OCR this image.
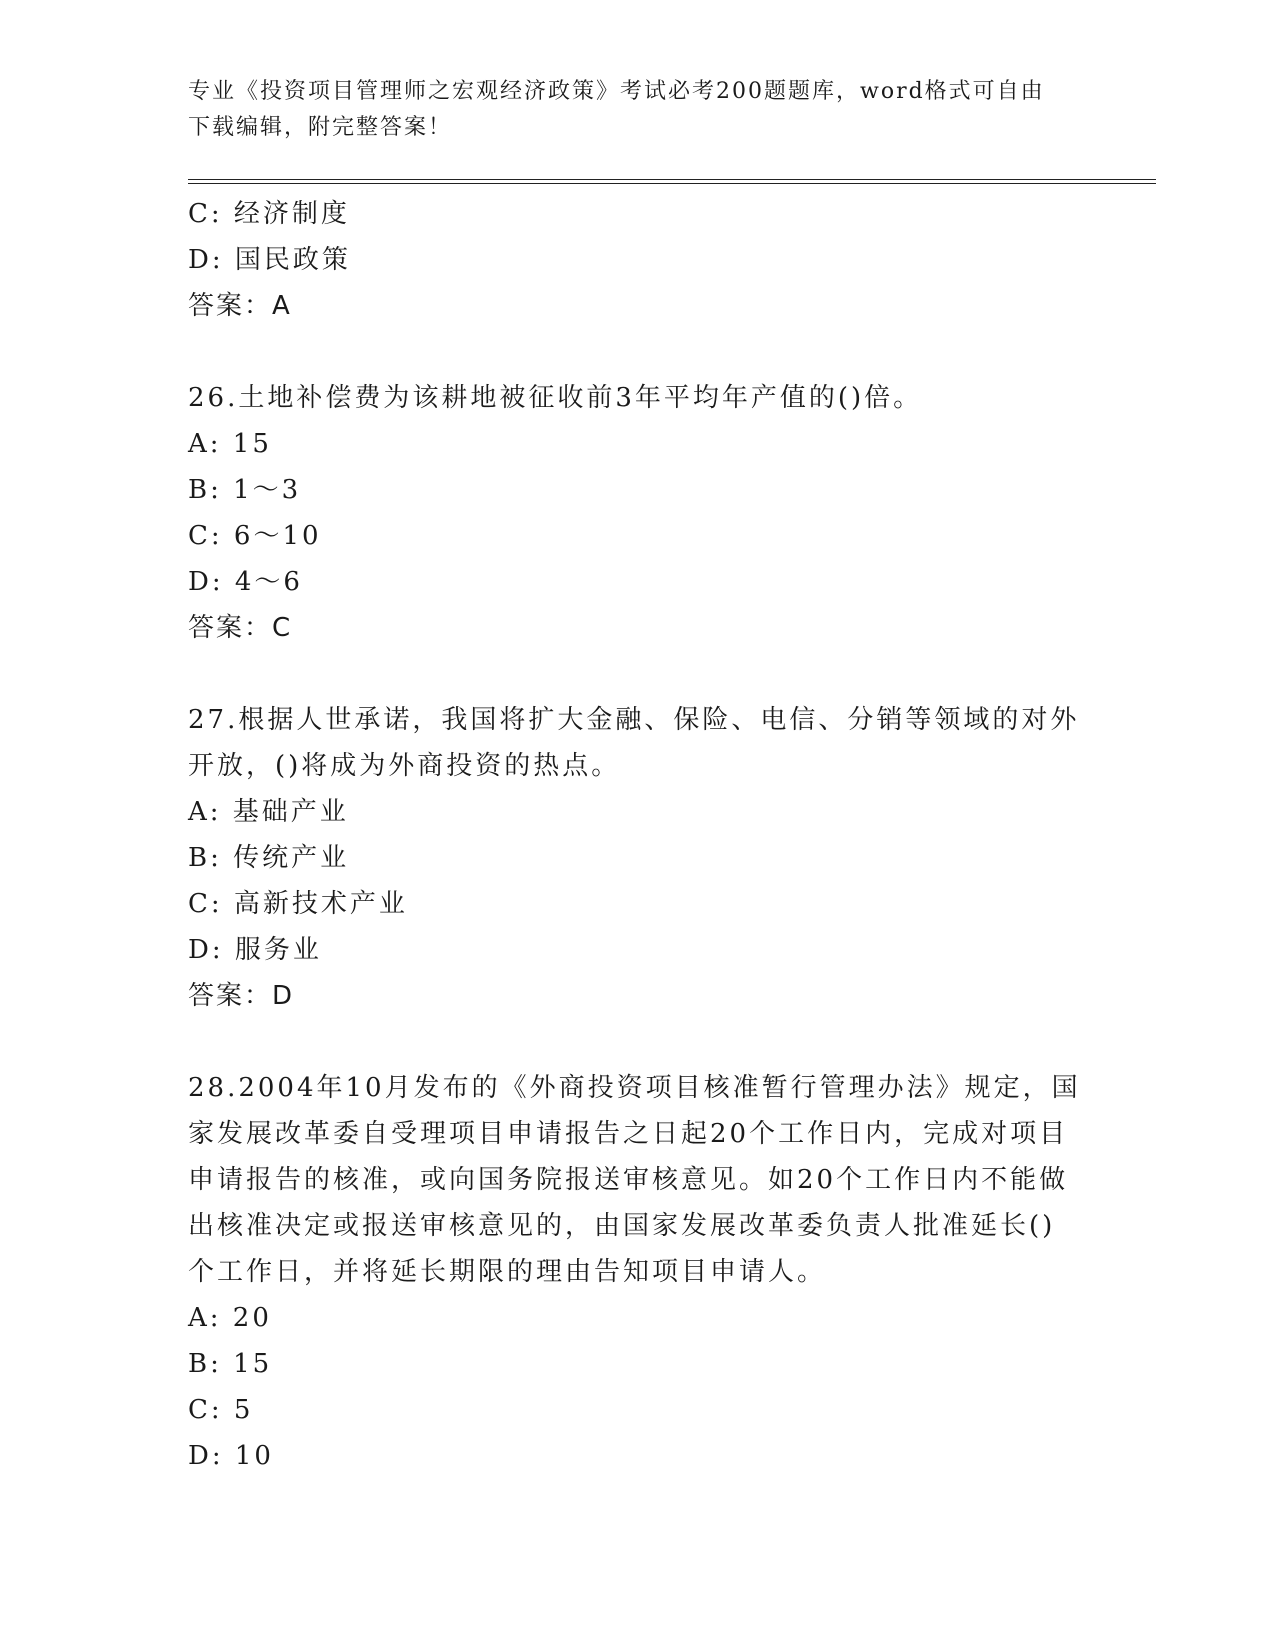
专业《投资项目管理师之宏观经济政策》考试必考200题题库，word格式可自由
下载编辑，附完整答案！
C: 经济制度
D: 国民政策
答案：A
26.土地补偿费为该耕地被征收前3年平均年产值的()倍。
A: 15
B: 1～3
C: 6～10
D: 4～6
答案：C
27.根据人世承诺，我国将扩大金融、保险、电信、分销等领域的对外
开放，()将成为外商投资的热点。
A: 基础产业
B: 传统产业
C: 高新技术产业
D: 服务业
答案：D
28.2004年10月发布的《外商投资项目核准暂行管理办法》规定，国
家发展改革委自受理项目申请报告之日起20个工作日内，完成对项目
申请报告的核准，或向国务院报送审核意见。如20个工作日内不能做
出核准决定或报送审核意见的，由国家发展改革委负责人批准延长()
个工作日，并将延长期限的理由告知项目申请人。
A: 20
B: 15
C: 5
D: 10
